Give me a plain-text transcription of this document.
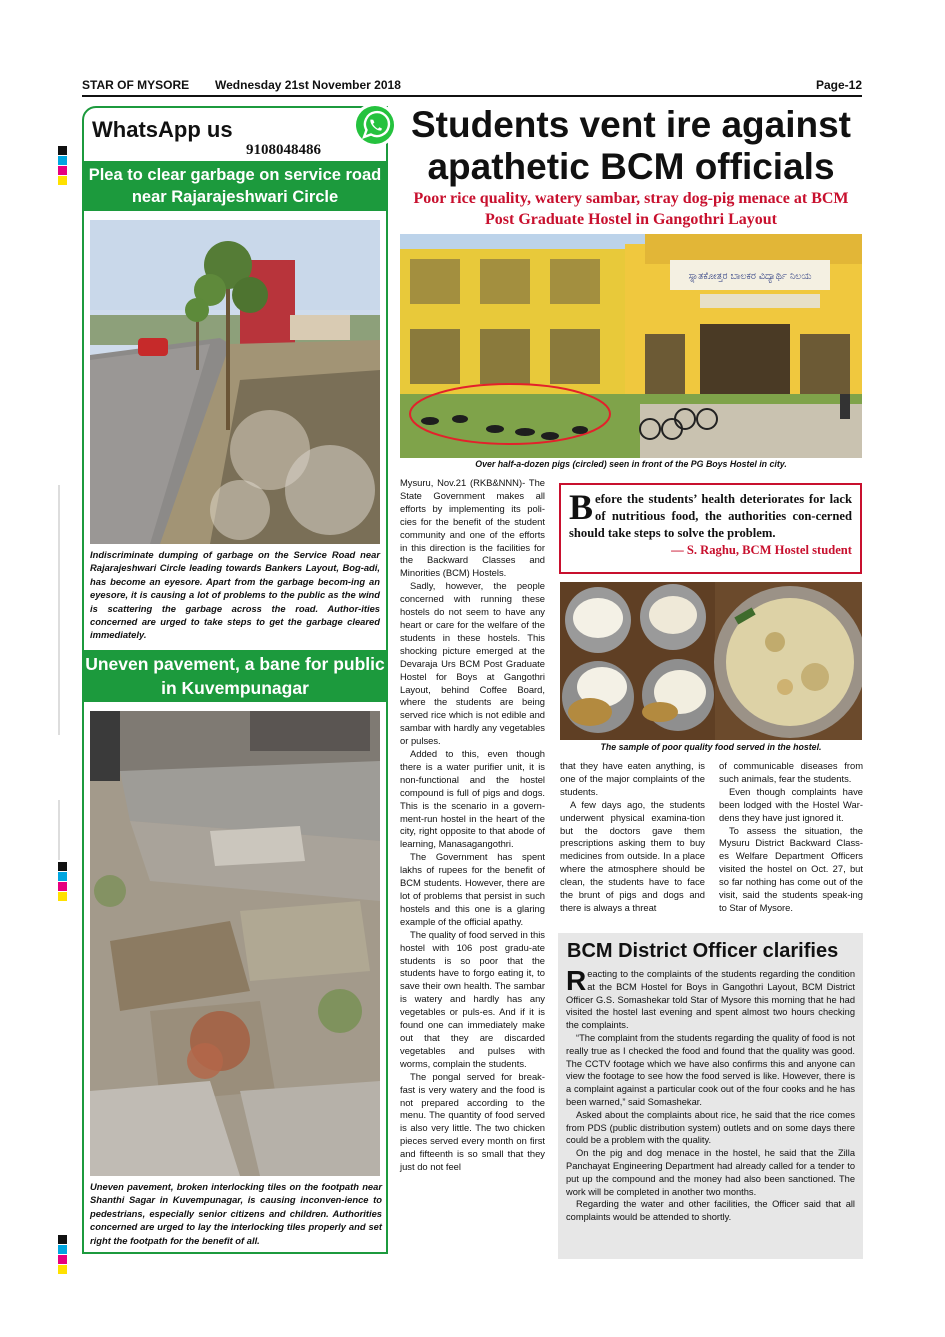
STAR OF MYSORE Wednesday 21st November 2018	Page-12
WhatsApp us
9108048486
Plea to clear garbage on service road near Rajarajeshwari Circle
Indiscriminate dumping of garbage on the Service Road near Rajarajeshwari Circle leading towards Bankers Layout, Bog-adi, has become an eyesore. Apart from the garbage becom-ing an eyesore, it is causing a lot of problems to the public as the wind is scattering the garbage across the road. Author-ities concerned are urged to take steps to get the garbage cleared immediately.
Uneven pavement, a bane for public in Kuvempunagar
Uneven pavement, broken interlocking tiles on the footpath near Shanthi Sagar in Kuvempunagar, is causing inconven-ience to pedestrians, especially senior citizens and children. Authorities concerned are urged to lay the interlocking tiles properly and set right the footpath for the benefit of all.
Students vent ire against apathetic BCM officials
Poor rice quality, watery sambar, stray dog-pig menace at BCM Post Graduate Hostel in Gangothri Layout
ಸ್ನಾತಕೋತ್ತರ ಬಾಲಕರ ವಿದ್ಯಾರ್ಥಿ ನಿಲಯ
Over half-a-dozen pigs (circled) seen in front of the PG Boys Hostel in city.

Mysuru, Nov.21 (RKB&NNN)- The State Government makes all efforts by implementing its poli-cies for the benefit of the student community and one of the efforts in this direction is the facilities for the Backward Classes and Minorities (BCM) Hostels.

Sadly, however, the people concerned with running these hostels do not seem to have any heart or care for the welfare of the students in these hostels. This shocking picture emerged at the Devaraja Urs BCM Post Graduate Hostel for Boys at Gangothri Layout, behind Coffee Board, where the students are being served rice which is not edible and sambar with hardly any vegetables or pulses.

Added to this, even though there is a water purifier unit, it is non-functional and the hostel compound is full of pigs and dogs. This is the scenario in a govern-ment-run hostel in the heart of the city, right opposite to that abode of learning, Manasagangothri.

The Government has spent lakhs of rupees for the benefit of BCM students. However, there are lot of problems that persist in such hostels and this one is a glaring example of the official apathy.

The quality of food served in this hostel with 106 post gradu-ate students is so poor that the students have to forgo eating it, to save their own health. The sambar is watery and hardly has any vegetables or puls-es. And if it is found one can immediately make out that they are discarded vegetables and pulses with worms, complain the students.

The pongal served for break-fast is very watery and the food is not prepared according to the menu. The quantity of food served is also very little. The two chicken pieces served every month on first and fifteenth is so small that they just do not feel

Before the students’ health deteriorates for lack of nutritious food, the authorities con-cerned should take steps to solve the problem.
— S. Raghu, BCM Hostel student
The sample of poor quality food served in the hostel.

that they have eaten anything, is one of the major complaints of the students.

A few days ago, the students underwent physical examina-tion but the doctors gave them prescriptions asking them to buy medicines from outside. In a place where the atmosphere should be clean, the students have to face the brunt of pigs and dogs and there is always a threat

of communicable diseases from such animals, fear the students.

Even though complaints have been lodged with the Hostel War-dens they have just ignored it.

To assess the situation, the Mysuru District Backward Class-es Welfare Department Officers visited the hostel on Oct. 27, but so far nothing has come out of the visit, said the students speak-ing to Star of Mysore.

BCM District Officer clarifies

Reacting to the complaints of the students regarding the condition at the BCM Hostel for Boys in Gangothri Layout, BCM District Officer G.S. Somashekar told Star of Mysore this morning that he had visited the hostel last evening and spent almost two hours checking the complaints.

“The complaint from the students regarding the quality of food is not really true as I checked the food and found that the quality was good. The CCTV footage which we have also confirms this and anyone can view the footage to see how the food served is like. However, there is a complaint against a particular cook out of the four cooks and he has been warned,” said Somashekar.

Asked about the complaints about rice, he said that the rice comes from PDS (public distribution system) outlets and on some days there could be a problem with the quality.

On the pig and dog menace in the hostel, he said that the Zilla Panchayat Engineering Department had already called for a tender to put up the compound and the money had also been sanctioned. The work will be completed in another two months.

Regarding the water and other facilities, the Officer said that all complaints would be attended to shortly.
